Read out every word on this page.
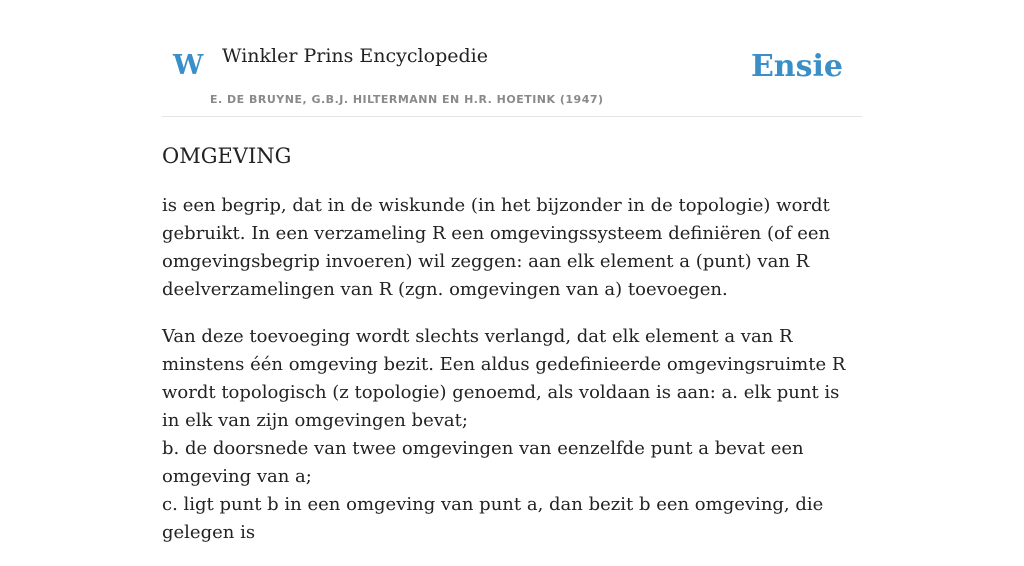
W Winkler Prins Encyclopedie	Ensie
E. DE BRUYNE, G.B.J. HILTERMANN EN H.R. HOETINK (1947)
OMGEVING

is een begrip, dat in de wiskunde (in het bijzonder in de topologie) wordt gebruikt. In een verzameling R een omgevingssysteem definiëren (of een omgevingsbegrip invoeren) wil zeggen: aan elk element a (punt) van R deelverzamelingen van R (zgn. omgevingen van a) toevoegen.

Van deze toevoeging wordt slechts verlangd, dat elk element a van R minstens één omgeving bezit. Een aldus gedefinieerde omgevingsruimte R wordt topologisch (z topologie) genoemd, als voldaan is aan: a. elk punt is in elk van zijn omgevingen bevat;
b. de doorsnede van twee omgevingen van eenzelfde punt a bevat een omgeving van a;
c. ligt punt b in een omgeving van punt a, dan bezit b een omgeving, die gelegen is
